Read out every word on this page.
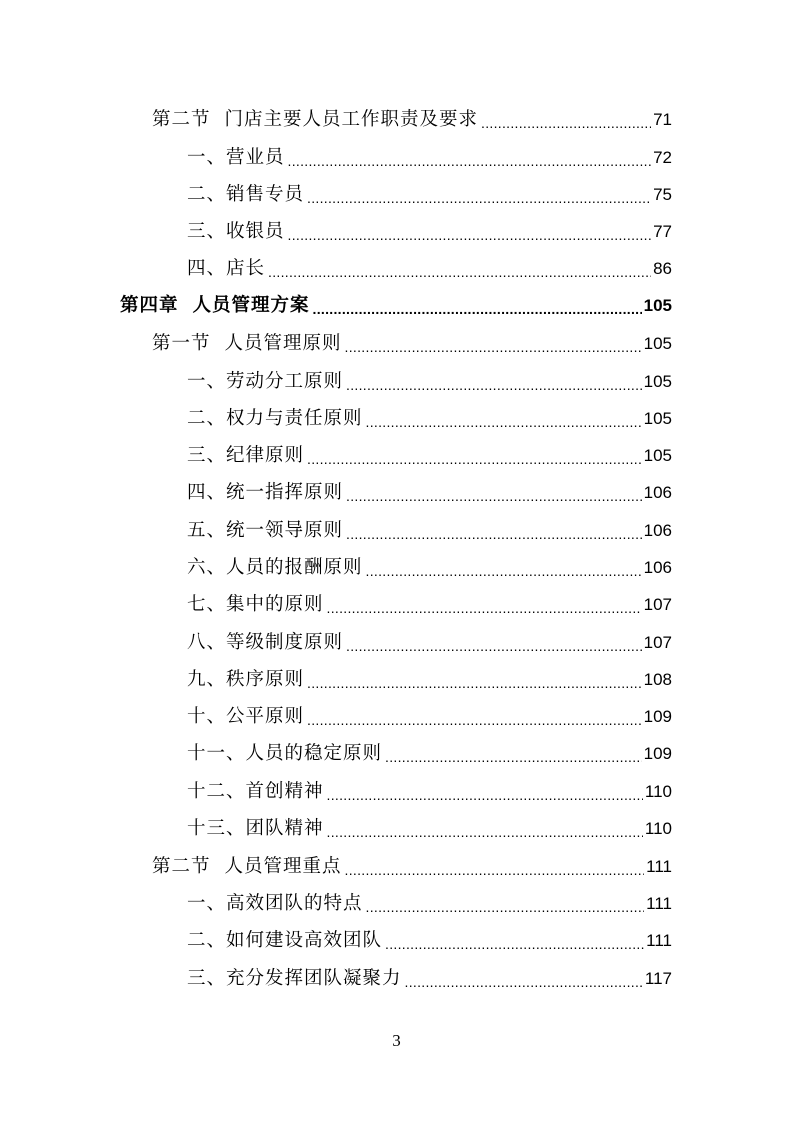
第二节 门店主要人员工作职责及要求 .....	71
一、营业员 .....	72
二、销售专员 .....	75
三、收银员 .....	77
四、店长 .....	86
第四章 人员管理方案 .....	105
第一节 人员管理原则 .....	105
一、劳动分工原则 .....	105
二、权力与责任原则 .....	105
三、纪律原则 .....	105
四、统一指挥原则 .....	106
五、统一领导原则 .....	106
六、人员的报酬原则 .....	106
七、集中的原则 .....	107
八、等级制度原则 .....	107
九、秩序原则 .....	108
十、公平原则 .....	109
十一、人员的稳定原则 .....	109
十二、首创精神 .....	110
十三、团队精神 .....	110
第二节 人员管理重点 .....	111
一、高效团队的特点 .....	111
二、如何建设高效团队 .....	111
三、充分发挥团队凝聚力 .....	117
3
